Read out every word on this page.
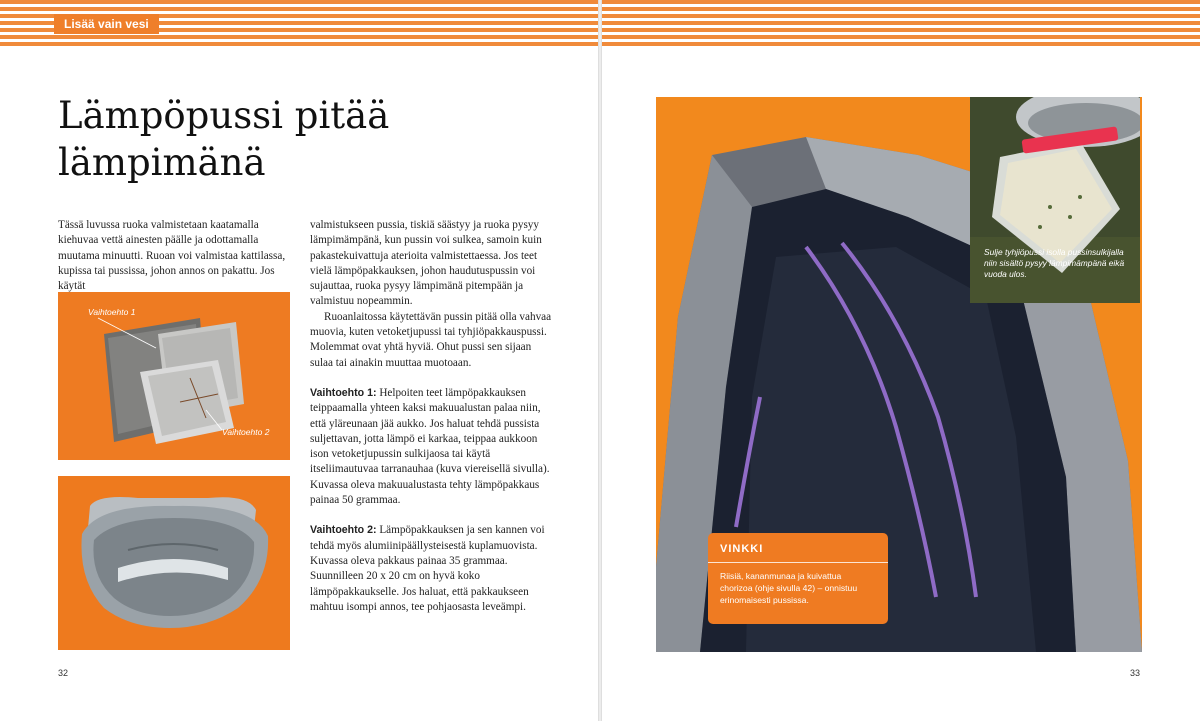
Lisää vain vesi
Lämpöpussi pitää
lämpimänä

Tässä luvussa ruoka valmistetaan kaatamalla kiehuvaa vettä ainesten päälle ja odottamalla muutama minuutti. Ruoan voi valmistaa kattilassa, kupissa tai pussissa, johon annos on pakattu. Jos käytät

valmistukseen pussia, tiskiä säästyy ja ruoka pysyy lämpimämpänä, kun pussin voi sulkea, samoin kuin pakastekuivattuja aterioita valmistettaessa. Jos teet vielä lämpöpakkauksen, johon haudutuspussin voi sujauttaa, ruoka pysyy lämpimänä pitempään ja valmistuu nopeammin.

Ruoanlaitossa käytettävän pussin pitää olla vahvaa muovia, kuten vetoketjupussi tai tyhjiöpakkauspussi. Molemmat ovat yhtä hyviä. Ohut pussi sen sijaan sulaa tai ainakin muuttaa muotoaan.

Vaihtoehto 1: Helpoiten teet lämpöpakkauksen teippaamalla yhteen kaksi makuualustan palaa niin, että yläreunaan jää aukko. Jos haluat tehdä pussista suljettavan, jotta lämpö ei karkaa, teippaa aukkoon ison vetoketjupussin sulkijaosa tai käytä itseliimautuvaa tarranauhaa (kuva viereisellä sivulla). Kuvassa oleva makuualustasta tehty lämpöpakkaus painaa 50 grammaa.

Vaihtoehto 2: Lämpöpakkauksen ja sen kannen voi tehdä myös alumiinipäällysteisestä kuplamuovista. Kuvassa oleva pakkaus painaa 35 grammaa. Suunnilleen 20 x 20 cm on hyvä koko lämpöpakkaukselle. Jos haluat, että pakkaukseen mahtuu isompi annos, tee pohjaosasta leveämpi.

Vaihtoehto 1
Vaihtoehto 2
Sulje tyhjiöpussi isolla pussinsulkijalla niin sisältö pysyy lämpimämpänä eikä vuoda ulos.
VINKKI
Riisiä, kananmunaa ja kuivattua chorizoa (ohje sivulla 42) – onnistuu erinomaisesti pussissa.
32	33
